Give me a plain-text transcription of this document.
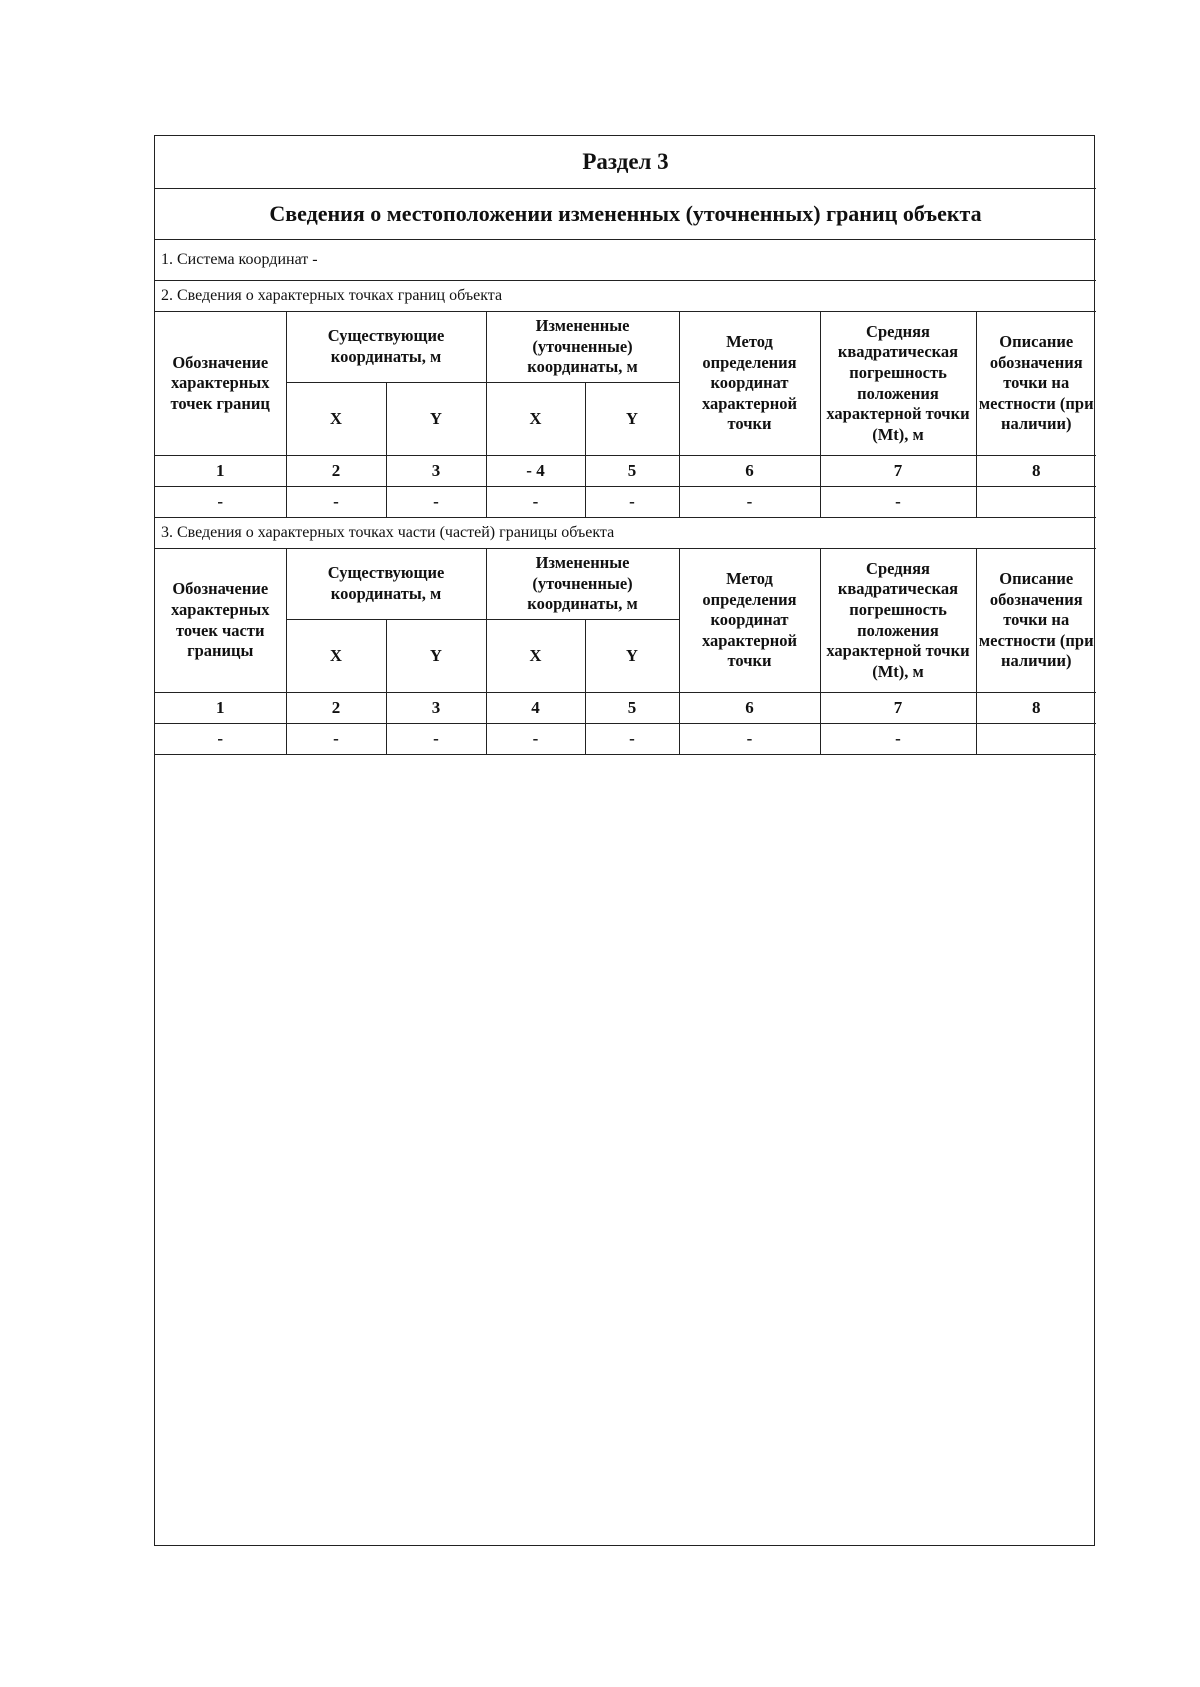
Раздел 3							
Сведения о местоположении измененных (уточненных) границ объекта							
1. Система координат -							
2. Сведения о характерных точках границ объекта							
Обозначение характерных точек границ	Существующие координаты, м		Измененные (уточненные) координаты, м		Метод определения координат характерной точки	Средняя квадратическая погрешность положения характерной точки (Mt), м	Описание обозначения точки на местности (при наличии)
	X	Y	X	Y			
1	2	3	- 4	5	6	7	8
-	-	-	-	-	-	-	
3. Сведения о характерных точках части (частей) границы объекта							
Обозначение характерных точек части границы	Существующие координаты, м		Измененные (уточненные) координаты, м		Метод определения координат характерной точки	Средняя квадратическая погрешность положения характерной точки (Mt), м	Описание обозначения точки на местности (при наличии)
	X	Y	X	Y			
1	2	3	4	5	6	7	8
-	-	-	-	-	-	-	
